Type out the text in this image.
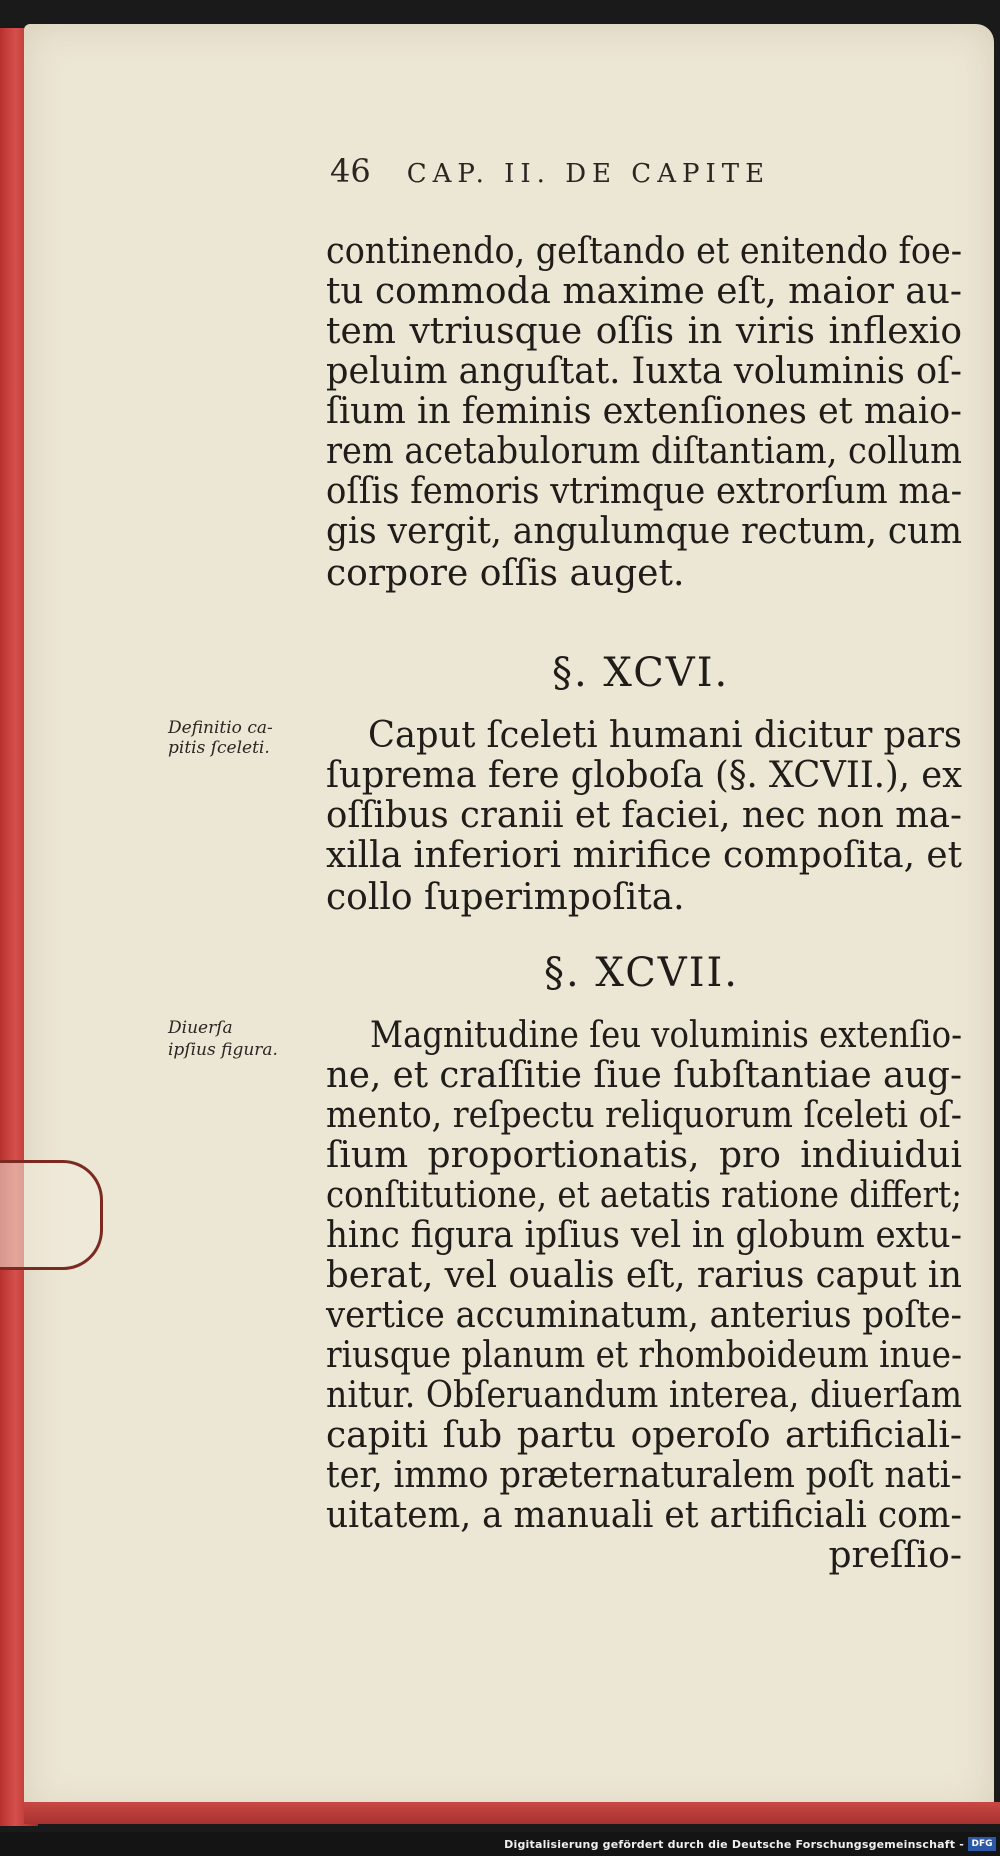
46 CAP. II. DE CAPITE
continendo, geſtando et enitendo foe-
tu commoda maxime eſt, maior au-
tem vtriusque oſſis in viris inflexio
peluim anguſtat. Iuxta voluminis oſ-
ſium in feminis extenſiones et maio-
rem acetabulorum diſtantiam, collum
oſſis femoris vtrimque extrorſum ma-
gis vergit, angulumque rectum, cum
corpore oſſis auget.
§. XCVI.
Definitio ca-
pitis ſceleti.	Caput ſceleti humani dicitur pars
ſuprema fere globoſa (§. XCVII.), ex
oſſibus cranii et faciei, nec non ma-
xilla inferiori mirifice compoſita, et
collo ſuperimpoſita.
§. XCVII.
Diuerſa
ipſius figura.	Magnitudine ſeu voluminis extenſio-
ne, et craſſitie ſiue ſubſtantiae aug-
mento, reſpectu reliquorum ſceleti oſ-
ſium proportionatis, pro indiuidui
conſtitutione, et aetatis ratione differt;
hinc figura ipſius vel in globum extu-
berat, vel oualis eſt, rarius caput in
vertice accuminatum, anterius poſte-
riusque planum et rhomboideum inue-
nitur. Obſeruandum interea, diuerſam
capiti ſub partu operoſo artificiali-
ter, immo præternaturalem poſt nati-
uitatem, a manuali et artificiali com-
preſſio-
Digitalisierung gefördert durch die Deutsche Forschungsgemeinschaft - DFG
